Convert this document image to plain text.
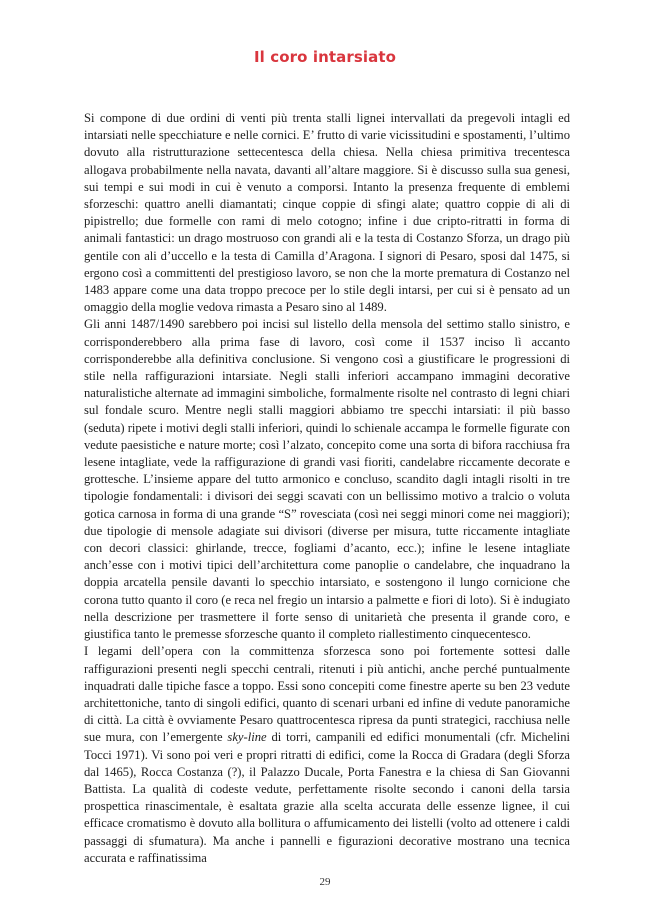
Il coro intarsiato

Si compone di due ordini di venti più trenta stalli lignei intervallati da pregevoli intagli ed intarsiati nelle specchiature e nelle cornici. E’ frutto di varie vicissitudini e spostamenti, l’ultimo dovuto alla ristrutturazione settecentesca della chiesa. Nella chiesa primitiva trecentesca allogava probabilmente nella navata, davanti all’altare maggiore. Si è discusso sulla sua genesi, sui tempi e sui modi in cui è venuto a comporsi. Intanto la presenza frequente di emblemi sforzeschi: quattro anelli diamantati; cinque coppie di sfingi alate; quattro coppie di ali di pipistrello; due formelle con rami di melo cotogno; infine i due cripto-ritratti in forma di animali fantastici: un drago mostruoso con grandi ali e la testa di Costanzo Sforza, un drago più gentile con ali d’uccello e la testa di Camilla d’Aragona. I signori di Pesaro, sposi dal 1475, si ergono così a committenti del prestigioso lavoro, se non che la morte prematura di Costanzo nel 1483 appare come una data troppo precoce per lo stile degli intarsi, per cui si è pensato ad un omaggio della moglie vedova rimasta a Pesaro sino al 1489.

Gli anni 1487/1490 sarebbero poi incisi sul listello della mensola del settimo stallo sinistro, e corrisponderebbero alla prima fase di lavoro, così come il 1537 inciso lì accanto corrisponderebbe alla definitiva conclusione. Si vengono così a giustificare le progressioni di stile nella raffigurazioni intarsiate. Negli stalli inferiori accampano immagini decorative naturalistiche alternate ad immagini simboliche, formalmente risolte nel contrasto di legni chiari sul fondale scuro. Mentre negli stalli maggiori abbiamo tre specchi intarsiati: il più basso (seduta) ripete i motivi degli stalli inferiori, quindi lo schienale accampa le formelle figurate con vedute paesistiche e nature morte; così l’alzato, concepito come una sorta di bifora racchiusa fra lesene intagliate, vede la raffigurazione di grandi vasi fioriti, candelabre riccamente decorate e grottesche. L’insieme appare del tutto armonico e concluso, scandito dagli intagli risolti in tre tipologie fondamentali: i divisori dei seggi scavati con un bellissimo motivo a tralcio o voluta gotica carnosa in forma di una grande “S” rovesciata (così nei seggi minori come nei maggiori); due tipologie di mensole adagiate sui divisori (diverse per misura, tutte riccamente intagliate con decori classici: ghirlande, trecce, fogliami d’acanto, ecc.); infine le lesene intagliate anch’esse con i motivi tipici dell’architettura come panoplie o candelabre, che inquadrano la doppia arcatella pensile davanti lo specchio intarsiato, e sostengono il lungo cornicione che corona tutto quanto il coro (e reca nel fregio un intarsio a palmette e fiori di loto). Si è indugiato nella descrizione per trasmettere il forte senso di unitarietà che presenta il grande coro, e giustifica tanto le premesse sforzesche quanto il completo riallestimento cinquecentesco.

I legami dell’opera con la committenza sforzesca sono poi fortemente sottesi dalle raffigurazioni presenti negli specchi centrali, ritenuti i più antichi, anche perché puntualmente inquadrati dalle tipiche fasce a toppo. Essi sono concepiti come finestre aperte su ben 23 vedute architettoniche, tanto di singoli edifici, quanto di scenari urbani ed infine di vedute panoramiche di città. La città è ovviamente Pesaro quattrocentesca ripresa da punti strategici, racchiusa nelle sue mura, con l’emergente sky-line di torri, campanili ed edifici monumentali (cfr. Michelini Tocci 1971). Vi sono poi veri e propri ritratti di edifici, come la Rocca di Gradara (degli Sforza dal 1465), Rocca Costanza (?), il Palazzo Ducale, Porta Fanestra e la chiesa di San Giovanni Battista. La qualità di codeste vedute, perfettamente risolte secondo i canoni della tarsia prospettica rinascimentale, è esaltata grazie alla scelta accurata delle essenze lignee, il cui efficace cromatismo è dovuto alla bollitura o affumicamento dei listelli (volto ad ottenere i caldi passaggi di sfumatura). Ma anche i pannelli e figurazioni decorative mostrano una tecnica accurata e raffinatissima

29
